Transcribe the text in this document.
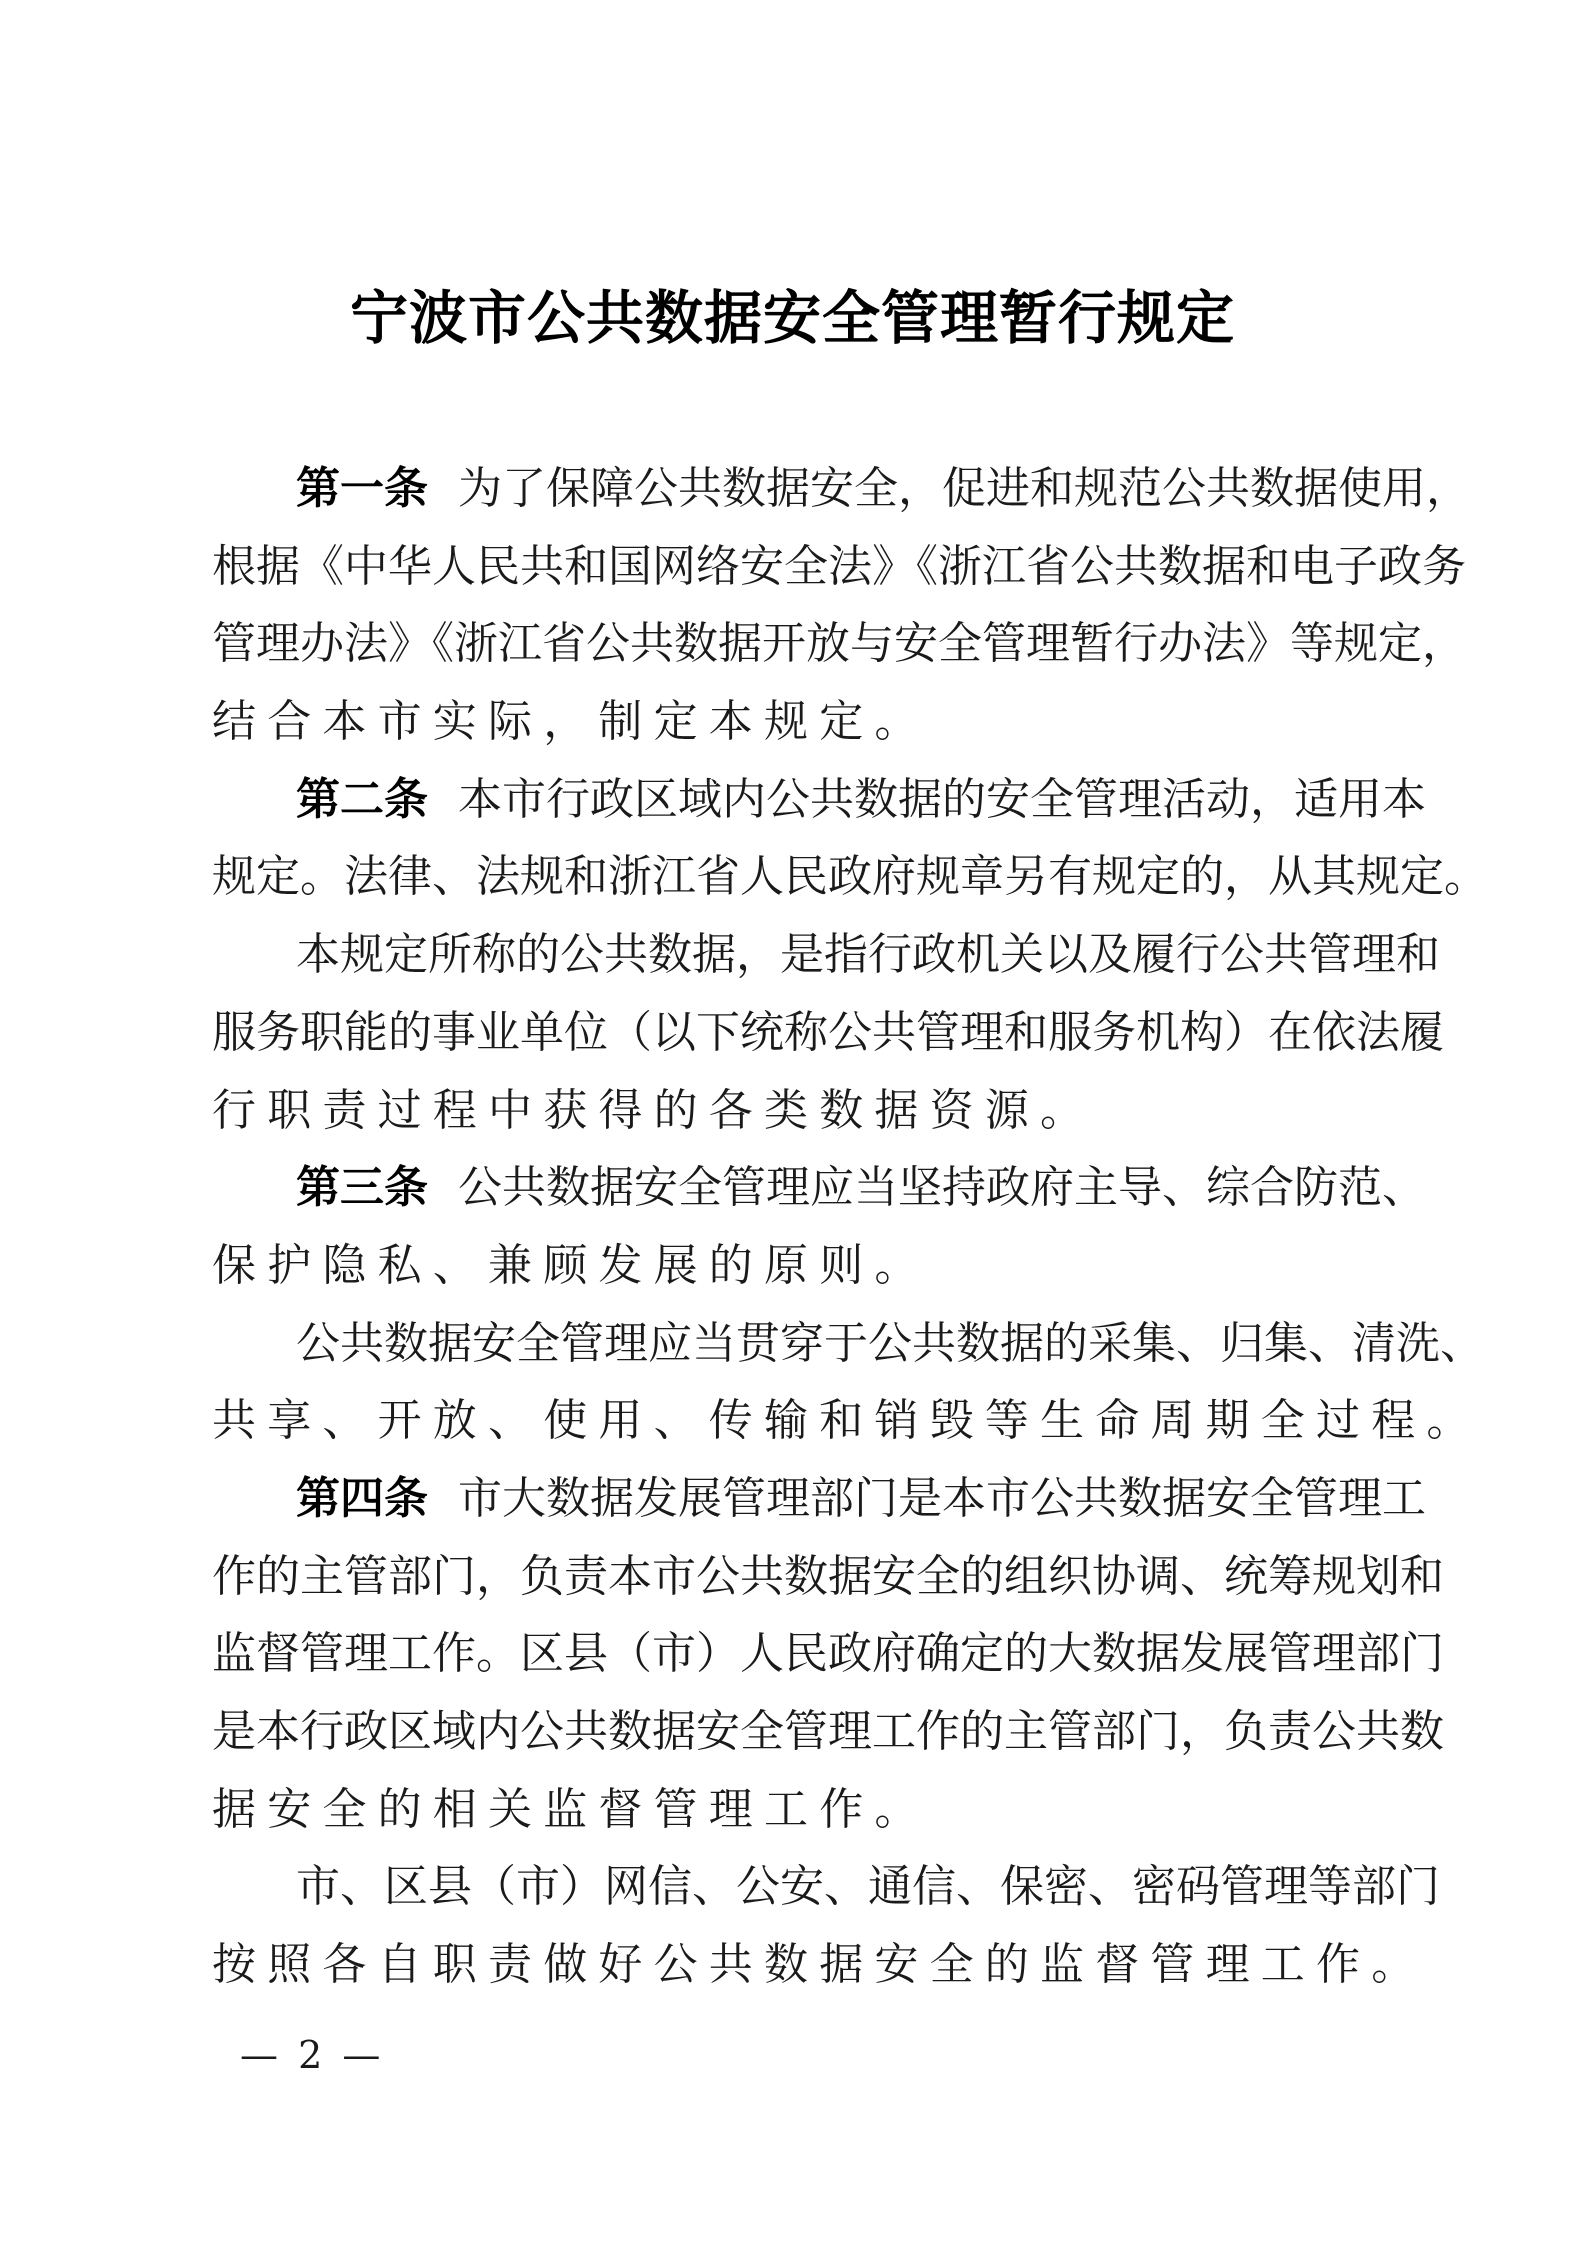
宁波市公共数据安全管理暂行规定
第一条 为了保障公共数据安全，促进和规范公共数据使用，
根据《中华人民共和国网络安全法》《浙江省公共数据和电子政务
管理办法》《浙江省公共数据开放与安全管理暂行办法》等规定，
结合本市实际，制定本规定。
第二条 本市行政区域内公共数据的安全管理活动，适用本
规定。法律、法规和浙江省人民政府规章另有规定的，从其规定。
本规定所称的公共数据，是指行政机关以及履行公共管理和
服务职能的事业单位（以下统称公共管理和服务机构）在依法履
行职责过程中获得的各类数据资源。
第三条 公共数据安全管理应当坚持政府主导、综合防范、
保护隐私、兼顾发展的原则。
公共数据安全管理应当贯穿于公共数据的采集、归集、清洗、
共享、开放、使用、传输和销毁等生命周期全过程。
第四条 市大数据发展管理部门是本市公共数据安全管理工
作的主管部门，负责本市公共数据安全的组织协调、统筹规划和
监督管理工作。区县（市）人民政府确定的大数据发展管理部门
是本行政区域内公共数据安全管理工作的主管部门，负责公共数
据安全的相关监督管理工作。
市、区县（市）网信、公安、通信、保密、密码管理等部门
按照各自职责做好公共数据安全的监督管理工作。
— 2 —
